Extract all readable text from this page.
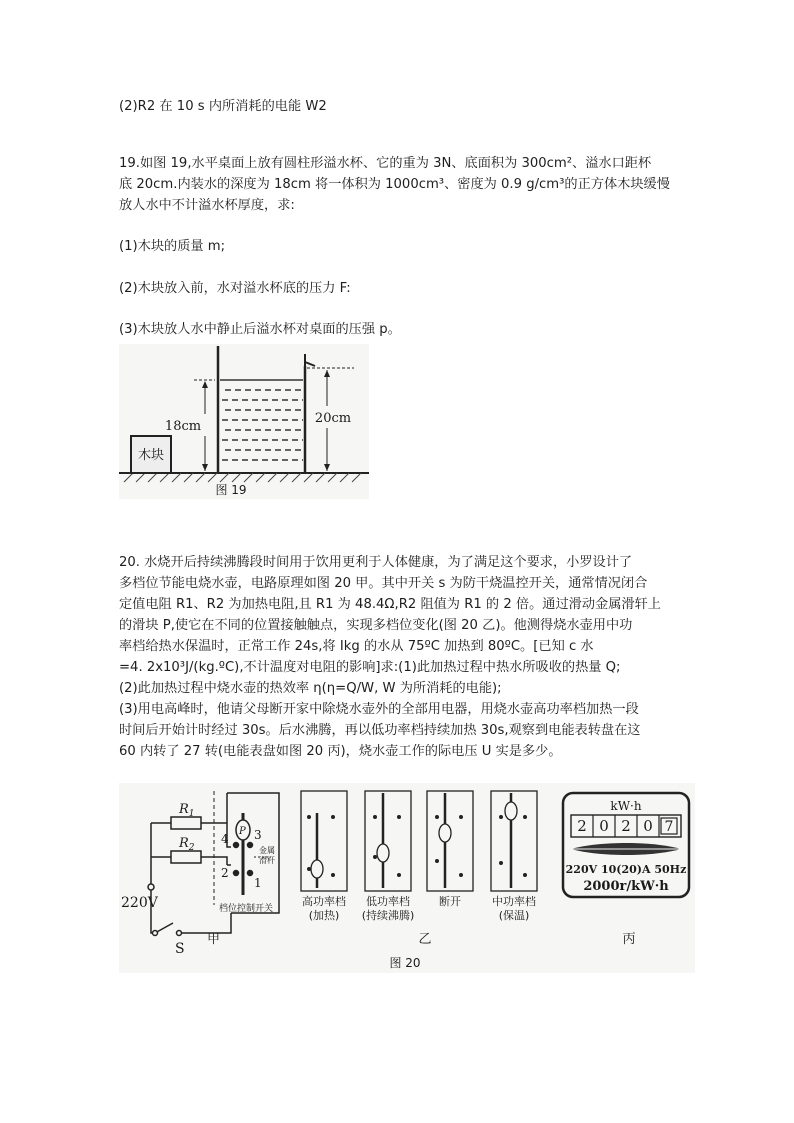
(2)R2 在 10 s 内所消耗的电能 W2
19.如图 19,水平桌面上放有圆柱形溢水杯、它的重为 3N、底面积为 300cm²、溢水口距杯
底 20cm.内装水的深度为 18cm 将一体积为 1000cm³、密度为 0.9 g/cm³的正方体木块缓慢
放人水中不计溢水杯厚度，求:
(1)木块的质量 m;
(2)木块放入前，水对溢水杯底的压力 F:
(3)木块放人水中静止后溢水杯对桌面的压强 p。
木块
18cm
20cm
图 19
20. 水烧开后持续沸腾段时间用于饮用更利于人体健康，为了满足这个要求，小罗设计了
多档位节能电烧水壶，电路原理如图 20 甲。其中开关 s 为防干烧温控开关，通常情况闭合
定值电阻 R1、R2 为加热电阻,且 R1 为 48.4Ω,R2 阻值为 R1 的 2 倍。通过滑动金属滑轩上
的滑块 P,使它在不同的位置接触触点，实现多档位变化(图 20 乙)。他测得烧水壶用中功
率档给热水保温时，正常工作 24s,将 Ikg 的水从 75ºC 加热到 80ºC。[已知 c 水
=4. 2x10³J/(kg.ºC),不计温度对电阻的影响]求:(1)此加热过程中热水所吸收的热量 Q;
(2)此加热过程中烧水壶的热效率 η(η=Q/W, W 为所消耗的电能);
(3)用电高峰时，他请父母断开家中除烧水壶外的全部用电器，用烧水壶高功率档加热一段
时间后开始计时经过 30s。后水沸腾，再以低功率档持续加热 30s,观察到电能表转盘在这
60 内转了 27 转(电能表盘如图 20 丙)，烧水壶工作的际电压 U 实是多少。
$R_1$
$R_2$
220V
S
P
4 3
2
1
金属
滑杆
档位控制开关
甲
高功率档
(加热)
低功率档
(持续沸腾)
断开	中功率档
(保温)
乙
kW·h
2 0 2 0 7
220V 10(20)A 50Hz
2000r/kW·h
丙
图 20
